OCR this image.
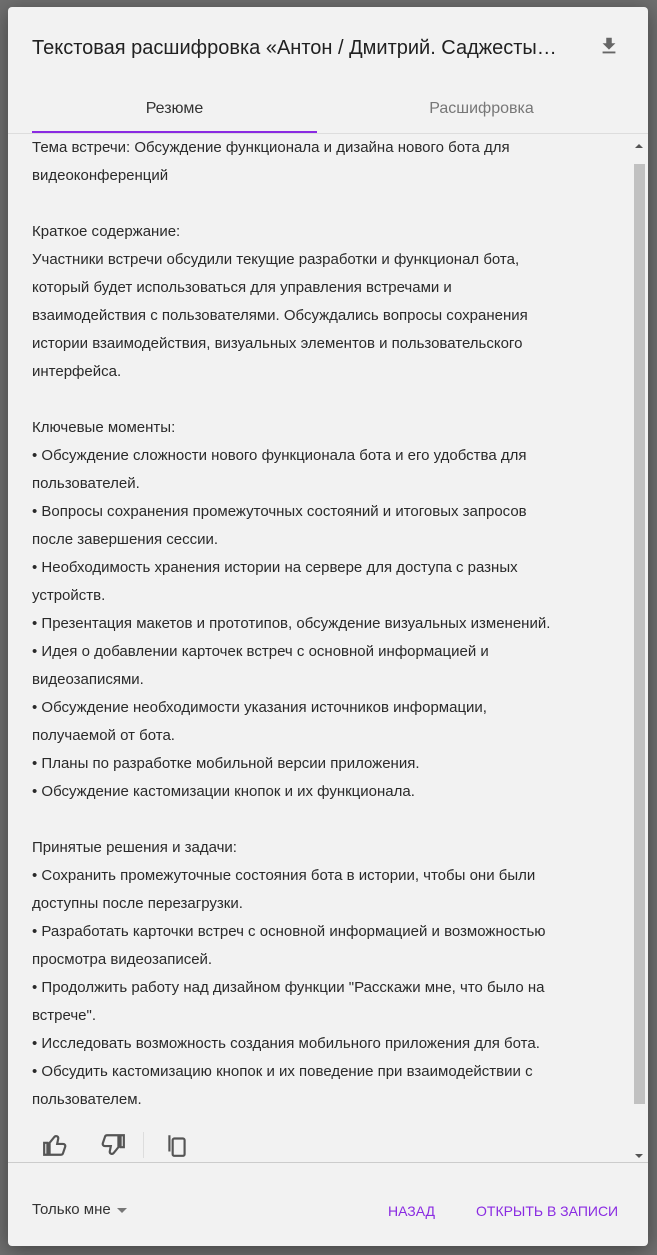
Текстовая расшифровка «Антон / Дмитрий. Саджесты…
Резюме	Расшифровка
Тема встречи: Обсуждение функционала и дизайна нового бота для
видеоконференций
Краткое содержание:
Участники встречи обсудили текущие разработки и функционал бота,
который будет использоваться для управления встречами и
взаимодействия с пользователями. Обсуждались вопросы сохранения
истории взаимодействия, визуальных элементов и пользовательского
интерфейса.
Ключевые моменты:
• Обсуждение сложности нового функционала бота и его удобства для
пользователей.
• Вопросы сохранения промежуточных состояний и итоговых запросов
после завершения сессии.
• Необходимость хранения истории на сервере для доступа с разных
устройств.
• Презентация макетов и прототипов, обсуждение визуальных изменений.
• Идея о добавлении карточек встреч с основной информацией и
видеозаписями.
• Обсуждение необходимости указания источников информации,
получаемой от бота.
• Планы по разработке мобильной версии приложения.
• Обсуждение кастомизации кнопок и их функционала.
Принятые решения и задачи:
• Сохранить промежуточные состояния бота в истории, чтобы они были
доступны после перезагрузки.
• Разработать карточки встреч с основной информацией и возможностью
просмотра видеозаписей.
• Продолжить работу над дизайном функции "Расскажи мне, что было на
встрече".
• Исследовать возможность создания мобильного приложения для бота.
• Обсудить кастомизацию кнопок и их поведение при взаимодействии с
пользователем.
Только мне	НАЗАД	ОТКРЫТЬ В ЗАПИСИ
